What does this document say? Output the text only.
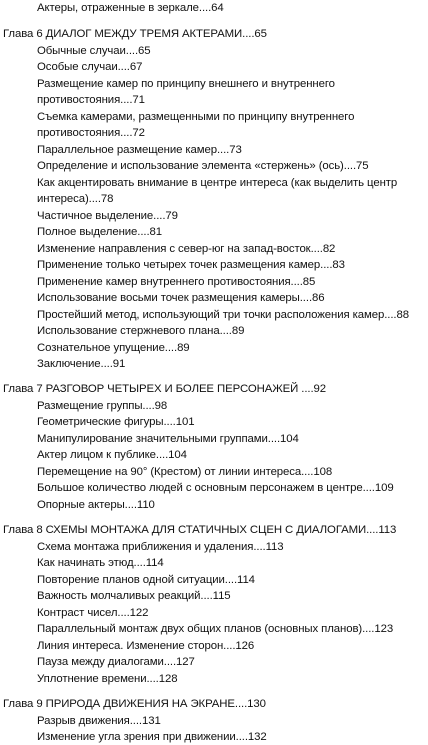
Актеры, отраженные в зеркале....64
Глава 6 ДИАЛОГ МЕЖДУ ТРЕМЯ АКТЕРАМИ....65
Обычные случаи....65
Особые случаи....67
Размещение камер по принципу внешнего и внутреннего
противостояния....71
Съемка камерами, размещенными по принципу внутреннего
противостояния....72
Параллельное размещение камер....73
Определение и использование элемента «стержень» (ось)....75
Как акцентировать внимание в центре интереса (как выделить центр
интереса)....78
Частичное выделение....79
Полное выделение....81
Изменение направления с север-юг на запад-восток....82
Применение только четырех точек размещения камер....83
Применение камер внутреннего противостояния....85
Использование восьми точек размещения камеры....86
Простейший метод, использующий три точки расположения камер....88
Использование стержневого плана....89
Сознательное упущение....89
Заключение....91
Глава 7 РАЗГОВОР ЧЕТЫРЕХ И БОЛЕЕ ПЕРСОНАЖЕЙ ....92
Размещение группы....98
Геометрические фигуры....101
Манипулирование значительными группами....104
Актер лицом к публике....104
Перемещение на 90° (Крестом) от линии интереса....108
Большое количество людей с основным персонажем в центре....109
Опорные актеры....110
Глава 8 СХЕМЫ МОНТАЖА ДЛЯ СТАТИЧНЫХ СЦЕН С ДИАЛОГАМИ....113
Схема монтажа приближения и удаления....113
Как начинать этюд....114
Повторение планов одной ситуации....114
Важность молчаливых реакций....115
Контраст чисел....122
Параллельный монтаж двух общих планов (основных планов)....123
Линия интереса. Изменение сторон....126
Пауза между диалогами....127
Уплотнение времени....128
Глава 9 ПРИРОДА ДВИЖЕНИЯ НА ЭКРАНЕ....130
Разрыв движения....131
Изменение угла зрения при движении....132
